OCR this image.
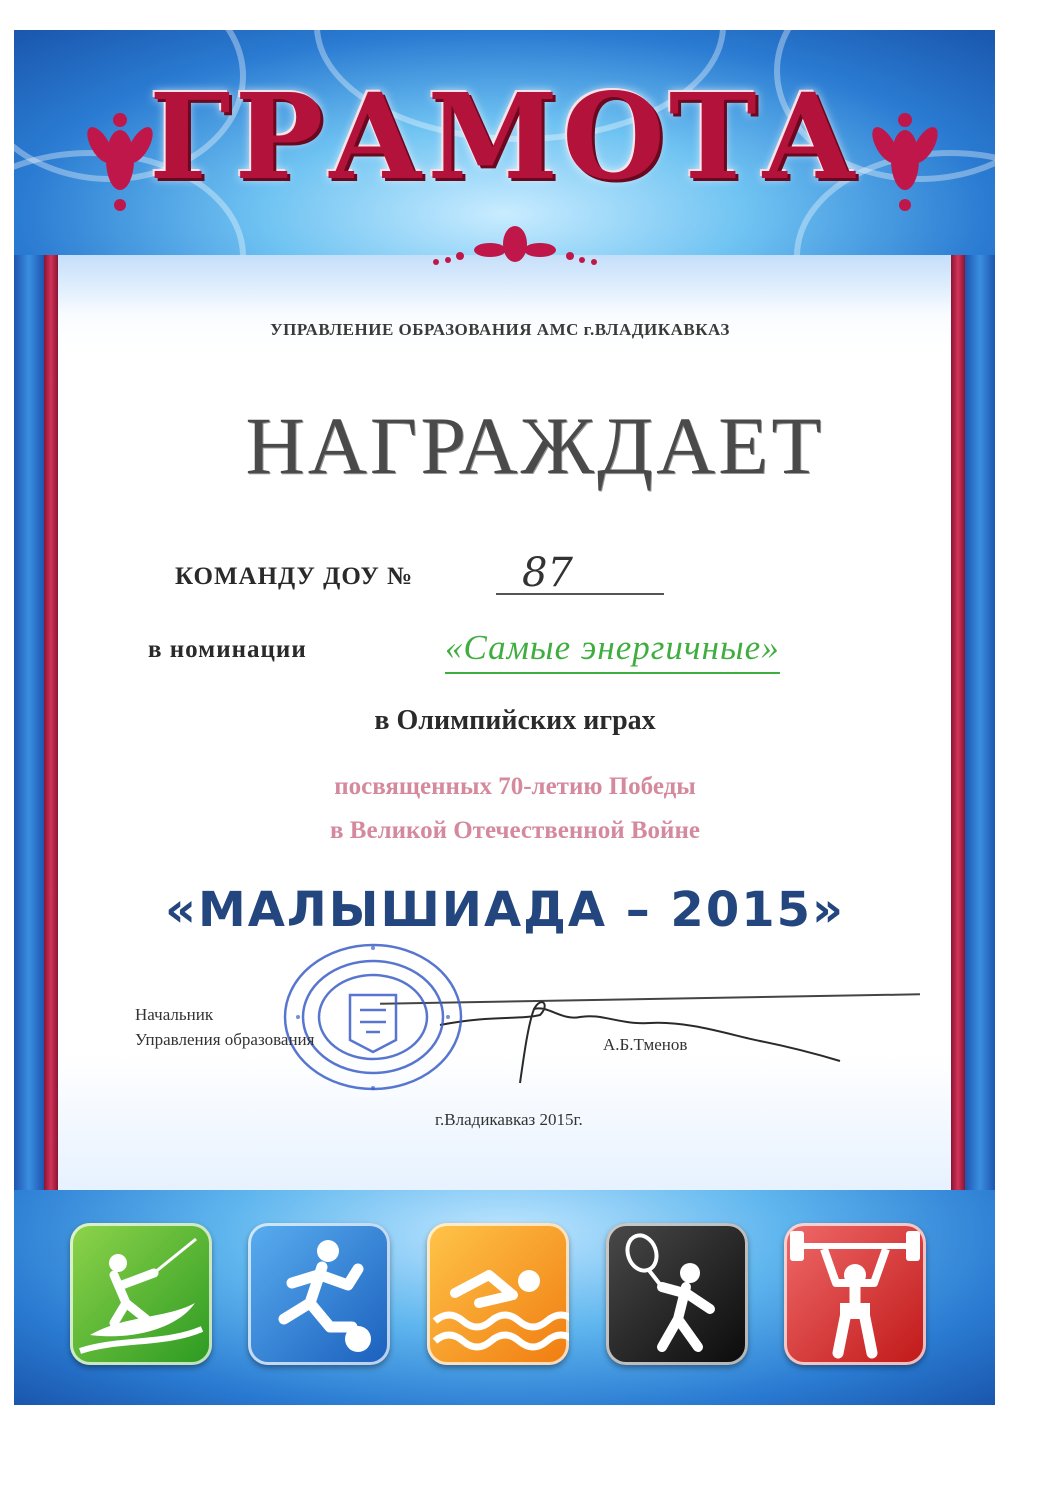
ГРАМОТА
УПРАВЛЕНИЕ ОБРАЗОВАНИЯ АМС г.ВЛАДИКАВКАЗ
НАГРАЖДАЕТ
КОМАНДУ ДОУ №	87
в номинации	«Самые энергичные»
в Олимпийских играх
посвященных 70-летию Победы
в Великой Отечественной Войне
«МАЛЫШИАДА – 2015»
Начальник
Управления образования	А.Б.Тменов
г.Владикавказ 2015г.
